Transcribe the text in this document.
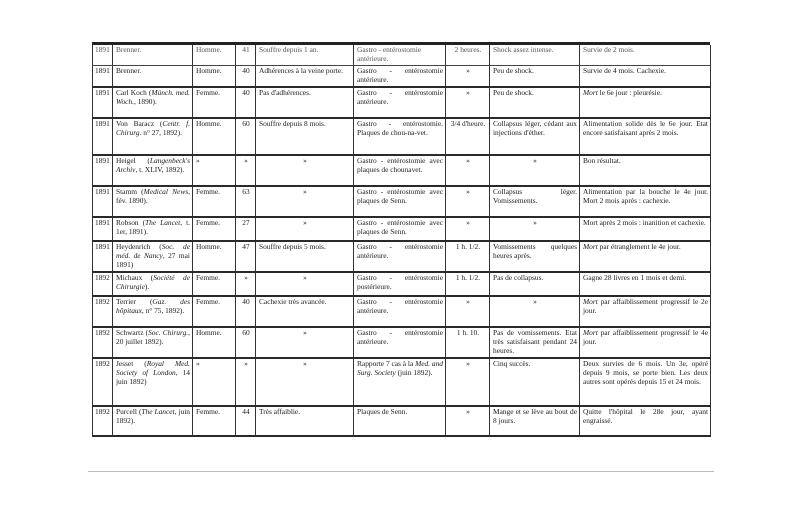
1891	Brenner.	Homme.	41	Souffre depuis 1 an.	Gastro - entérostomie antérieure.	2 heures.	Shock assez intense.	Survie de 2 mois.
1891	Brenner.	Homme.	40	Adhérences à la veine porte.	Gastro - entérostomie antérieure.	»	Peu de shock.	Survie de 4 mois. Cachexie.
1891	Carl Koch (Münch. med. Woch., 1890).	Femme.	40	Pas d'adhérences.	Gastro - entérostomie antérieure.	»	Peu de shock.	Mort le 6e jour : pleurésie.
1891	Von Baracz (Centr. f. Chirurg. n° 27, 1892).	Homme.	60	Souffre depuis 8 mois.	Gastro - entérostomie. Plaques de chou-na-vet.	3/4 d'heure.	Collapsus léger, cédant aux injections d'éther.	Alimentation solide dès le 6e jour. Etat encore satisfaisant après 2 mois.
1891	Heigel (Langenbeck's Archiv, t. XLIV, 1892).	»	»	»	Gastro - entérostomie avec plaques de chounavet.	»	»	Bon résultat.
1891	Stamm (Medical News, fév. 1890).	Femme.	63	»	Gastro - entérostomie avec plaques de Senn.	»	Collapsus léger. Vomissements.	Alimentation par la bouche le 4e jour. Mort 2 mois après : cachexie.
1891	Robson (The Lancet, t. 1er, 1891).	Femme.	27	»	Gastro - entérostomie avec plaques de Senn.	»	»	Mort après 2 mois : inanition et cachexie.
1891	Heydenrich (Soc. de méd. de Nancy, 27 mai 1891)	Homme.	47	Souffre depuis 5 mois.	Gastro - entérostomie antérieure.	1 h. 1/2.	Vomissements quelques heures après.	Mort par étranglement le 4e jour.
1892	Michaux (Société de Chirurgie).	Femme.	»	»	Gastro - entérostomie postérieure.	1 h. 1/2.	Pas de collapsus.	Gagne 28 livres en 1 mois et demi.
1892	Terrier (Gaz. des hôpitaux, n° 75, 1892).	Femme.	40	Cachexie très avancée.	Gastro - entérostomie antérieure.	»	»	Mort par affaiblissement progressif le 2e jour.
1892	Schwartz (Soc. Chirurg., 20 juillet 1892).	Homme.	60	»	Gastro - entérostomie antérieure.	1 h. 10.	Pas de vomissements. Etat très satisfaisant pendant 24 heures.	Mort par affaiblissement progressif le 4e jour.
1892	Jesset (Royal Med. Society of London, 14 juin 1892)	»	»	»	Rapporte 7 cas à la Med. and Surg. Society (juin 1892).	»	Cinq succès.	Deux survies de 6 mois. Un 3e, opéré depuis 9 mois, se porte bien. Les deux autres sont opérés depuis 15 et 24 mois.
1892	Purcell (The Lancet, juin 1892).	Femme.	44	Très affaiblie.	Plaques de Senn.	»	Mange et se lève au bout de 8 jours.	Quitte l'hôpital le 28e jour, ayant engraissé.
